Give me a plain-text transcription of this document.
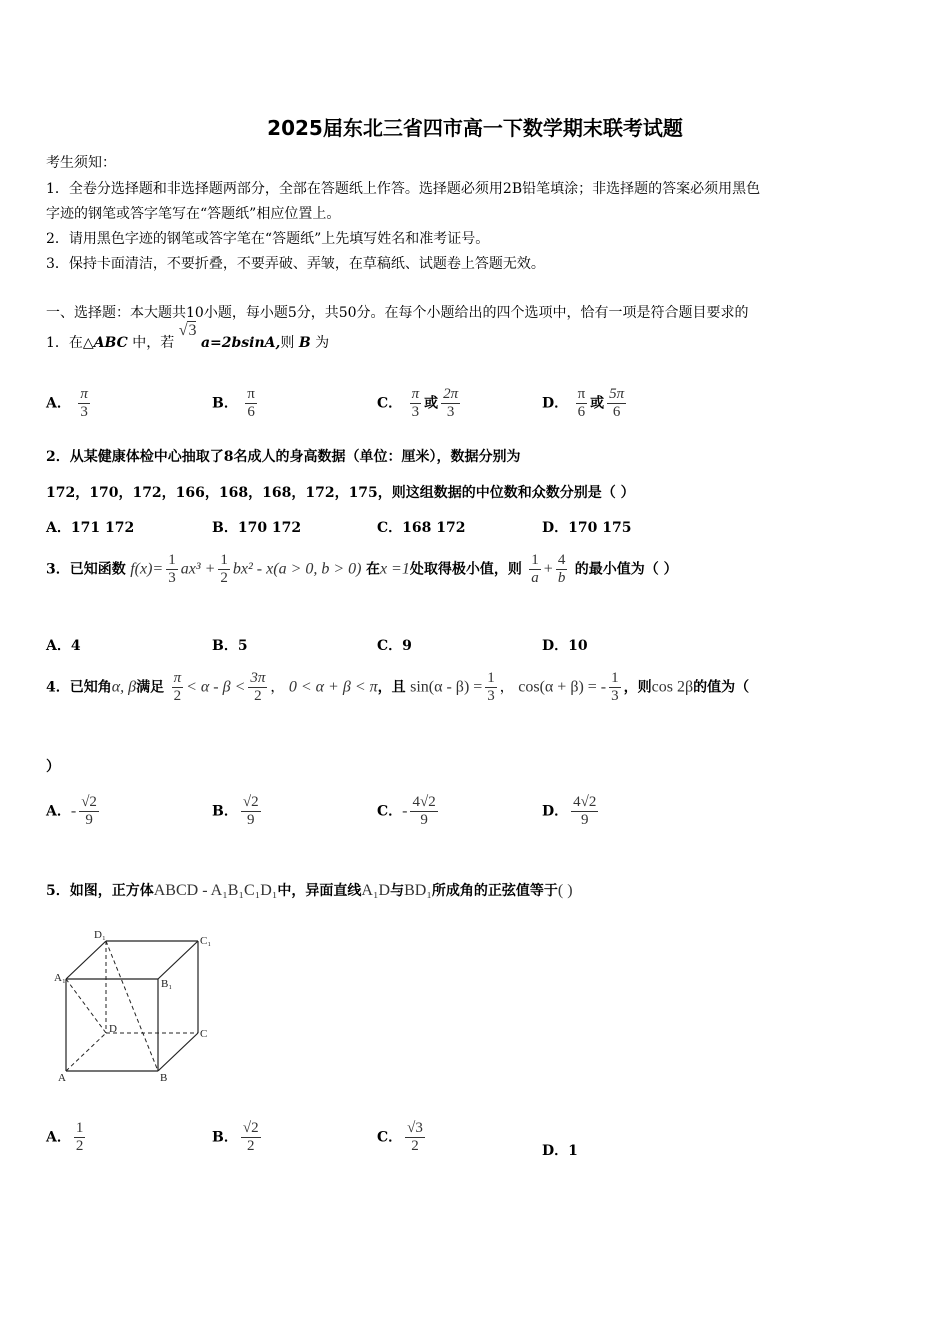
2025届东北三省四市高一下数学期末联考试题
考生须知：
1．全卷分选择题和非选择题两部分，全部在答题纸上作答。选择题必须用2B铅笔填涂；非选择题的答案必须用黑色
字迹的钢笔或答字笔写在“答题纸”相应位置上。
2．请用黑色字迹的钢笔或答字笔在“答题纸”上先填写姓名和准考证号。
3．保持卡面清洁，不要折叠，不要弄破、弄皱，在草稿纸、试题卷上答题无效。
一、选择题：本大题共10小题，每小题5分，共50分。在每个小题给出的四个选项中，恰有一项是符合题目要求的
1．在△ABC 中，若 √3 a=2bsinA,则 B 为
A． $\frac{\pi}{3}$	B． $\frac{\pi}{6}$	C． $\frac{\pi}{3}$ 或 $\frac{2\pi}{3}$	D． $\frac{\pi}{6}$ 或 $\frac{5\pi}{6}$
2．从某健康体检中心抽取了8名成人的身高数据（单位：厘米），数据分别为
172，170，172，166，168，168，172，175，则这组数据的中位数和众数分别是（ ）
A．171 172	B．170 172	C．168 172	D．170 175
3．已知函数 $f(x)= \frac{1}{3} ax^3 + \frac{1}{2} bx^2 - x(a > 0$, b > 0) 在x =1处取得极小值，则 $\frac{1}{a} + \frac{4}{b}$ 的最小值为（ ）
A．4	B．5	C．9	D．10
4．已知角α, β满足 $\frac{\pi}{2} < \alpha - \beta < \frac{3\pi}{2}$ ， 0 < α + β < π，且 $\sin(\alpha - \beta) = \frac{1}{3}$ ， cos(α + β) = - $\frac{1}{3}$ ，则cos 2β的值为（
）
A．- $\frac{√2}{9}$	B． $\frac{√2}{9}$	C．- $\frac{4√2}{9}$	D． $\frac{4√2}{9}$
5．如图，正方体ABCD - A₁B₁C₁D₁中，异面直线A₁D与BD₁所成角的正弦值等于( )
D₁	C₁
A₁	B₁
D	C
A	B
A． $\frac{1}{2}$	B． $\frac{√2}{2}$	C． $\frac{√3}{2}$	D．1
